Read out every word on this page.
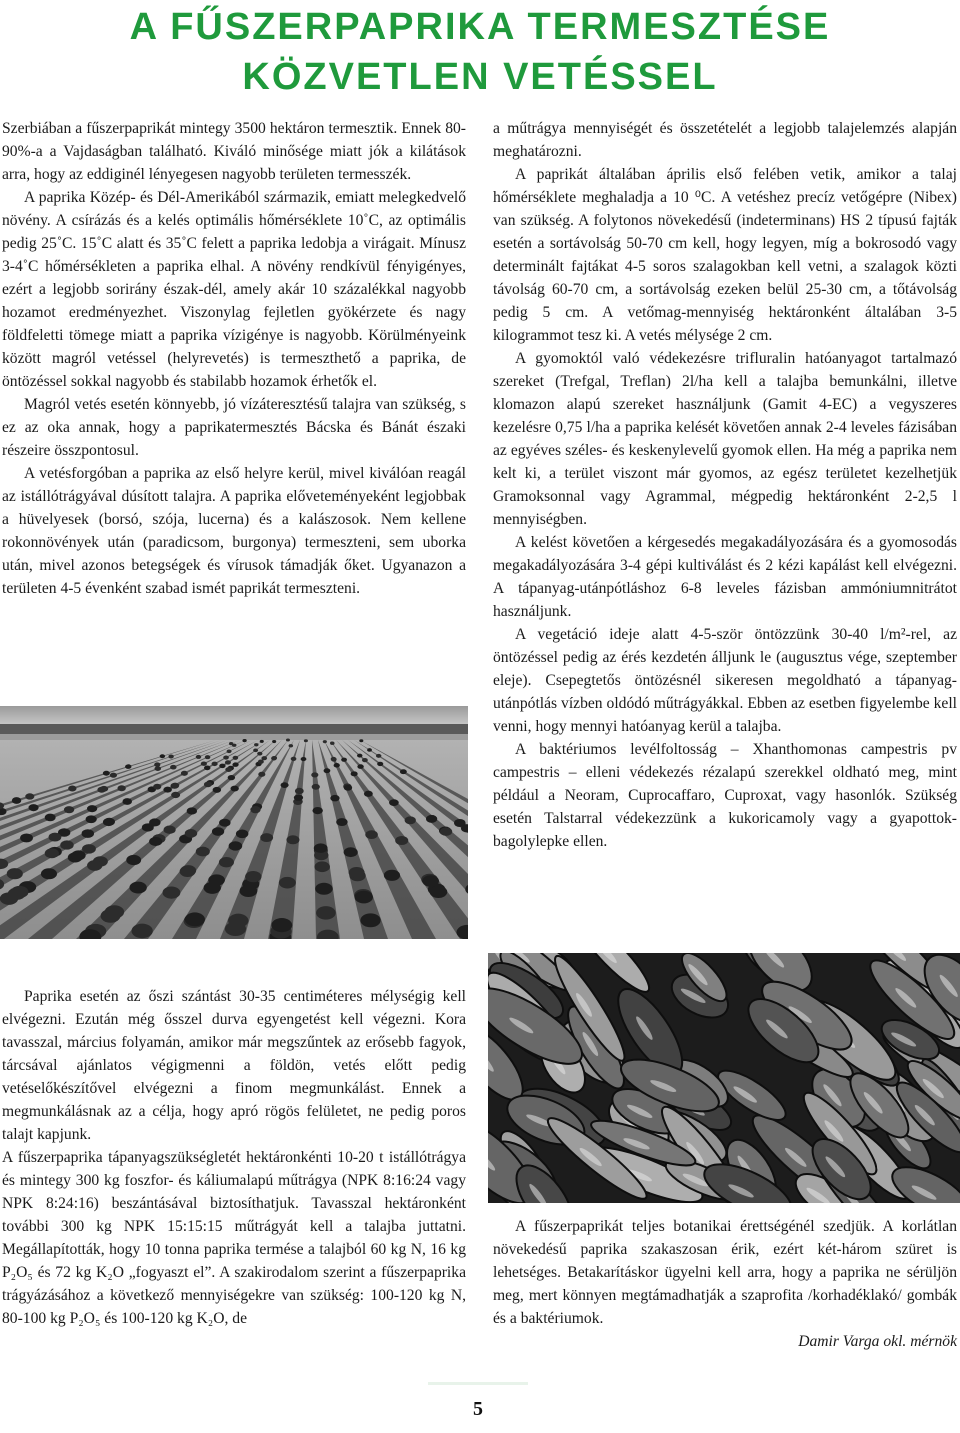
A FŰSZERPAPRIKA TERMESZTÉSE
KÖZVETLEN VETÉSSEL

Szerbiában a fűszerpaprikát mintegy 3500 hektáron termesztik. Ennek 80-90%-a a Vajdaságban található. Kiváló minősége miatt jók a kilátások arra, hogy az eddiginél lényegesen nagyobb területen termesszék.

A paprika Közép- és Dél-Amerikából származik, emiatt melegkedvelő növény. A csírázás és a kelés optimális hőmérséklete 10˚C, az optimális pedig 25˚C. 15˚C alatt és 35˚C felett a paprika ledobja a virágait. Mínusz 3-4˚C hőmérsékleten a paprika elhal. A növény rendkívül fényigényes, ezért a legjobb sorirány észak-dél, amely akár 10 százalékkal nagyobb hozamot eredményezhet. Viszonylag fejletlen gyökérzete és nagy földfeletti tömege miatt a paprika vízigénye is nagyobb. Körülményeink között magról vetéssel (helyrevetés) is termeszthető a paprika, de öntözéssel sokkal nagyobb és stabilabb hozamok érhetők el.

Magról vetés esetén könnyebb, jó vízáteresztésű talajra van szükség, s ez az oka annak, hogy a paprikatermesztés Bácska és Bánát északi részeire összpontosul.

A vetésforgóban a paprika az első helyre kerül, mivel kiválóan reagál az istállótrágyával dúsított talajra. A paprika előveteményeként legjobbak a hüvelyesek (borsó, szója, lucerna) és a kalászosok. Nem kellene rokonnövények után (paradicsom, burgonya) termeszteni, sem uborka után, mivel azonos betegségek és vírusok támadják őket. Ugyanazon a területen 4-5 évenként szabad ismét paprikát termeszteni.

a műtrágya mennyiségét és összetételét a legjobb talajelemzés alapján meghatározni.

A paprikát általában április első felében vetik, amikor a talaj hőmérséklete meghaladja a 10 ⁰C. A vetéshez precíz vetőgépre (Nibex) van szükség. A folytonos növekedésű (indeterminans) HS 2 típusú fajták esetén a sortávolság 50-70 cm kell, hogy legyen, míg a bokrosodó vagy determinált fajtákat 4-5 soros szalagokban kell vetni, a szalagok közti távolság 60-70 cm, a sortávolság ezeken belül 25-30 cm, a tőtávolság pedig 5 cm. A vetőmag-mennyiség hektáronként általában 3-5 kilogrammot tesz ki. A vetés mélysége 2 cm.

A gyomoktól való védekezésre trifluralin hatóanyagot tartalmazó szereket (Trefgal, Treflan) 2l/ha kell a talajba bemunkálni, illetve klomazon alapú szereket használjunk (Gamit 4-EC) a vegyszeres kezelésre 0,75 l/ha a paprika kelését követően annak 2-4 leveles fázisában az egyéves széles- és keskenylevelű gyomok ellen. Ha még a paprika nem kelt ki, a terület viszont már gyomos, az egész területet kezelhetjük Gramoksonnal vagy Agrammal, mégpedig hektáronként 2-2,5 l mennyiségben.

A kelést követően a kérgesedés megakadályozására és a gyomosodás megakadályozására 3-4 gépi kultiválást és 2 kézi kapálást kell elvégezni. A tápanyag-utánpótláshoz 6-8 leveles fázisban ammóniumnitrátot használjunk.

A vegetáció ideje alatt 4-5-ször öntözzünk 30-40 l/m²-rel, az öntözéssel pedig az érés kezdetén álljunk le (augusztus vége, szeptember eleje). Csepegtetős öntözésnél sikeresen megoldható a tápanyag-utánpótlás vízben oldódó műtrágyákkal. Ebben az esetben figyelembe kell venni, hogy mennyi hatóanyag kerül a talajba.

A baktériumos levélfoltosság – Xhanthomonas campestris pv campestris – elleni védekezés rézalapú szerekkel oldható meg, mint például a Neoram, Cuprocaffaro, Cuproxat, vagy hasonlók. Szükség esetén Talstarral védekezzünk a kukoricamoly vagy a gyapottok-bagolylepke ellen.

Paprika esetén az őszi szántást 30-35 centiméteres mélységig kell elvégezni. Ezután még ősszel durva egyengetést kell végezni. Kora tavasszal, március folyamán, amikor már megszűntek az erősebb fagyok, tárcsával ajánlatos végigmenni a földön, vetés előtt pedig vetéselőkészítővel elvégezni a finom megmunkálást. Ennek a megmunkálásnak az a célja, hogy apró rögös felületet, ne pedig poros talajt kapjunk.

A fűszerpaprika tápanyagszükségletét hektáronkénti 10-20 t istállótrágya és mintegy 300 kg foszfor- és káliumalapú műtrágya (NPK 8:16:24 vagy NPK 8:24:16) beszántásával biztosíthatjuk. Tavasszal hektáronként további 300 kg NPK 15:15:15 műtrágyát kell a talajba juttatni. Megállapították, hogy 10 tonna paprika termése a talajból 60 kg N, 16 kg P₂O₅ és 72 kg K₂O „fogyaszt el”. A szakirodalom szerint a fűszerpaprika trágyázásához a következő mennyiségekre van szükség: 100-120 kg N, 80-100 kg P₂O₅ és 100-120 kg K₂O, de

A fűszerpaprikát teljes botanikai érettségénél szedjük. A korlátlan növekedésű paprika szakaszosan érik, ezért két-három szüret is lehetséges. Betakarításkor ügyelni kell arra, hogy a paprika ne sérüljön meg, mert könnyen megtámadhatják a szaprofita /korhadéklakó/ gombák és a baktériumok.

Damir Varga okl. mérnök

5
